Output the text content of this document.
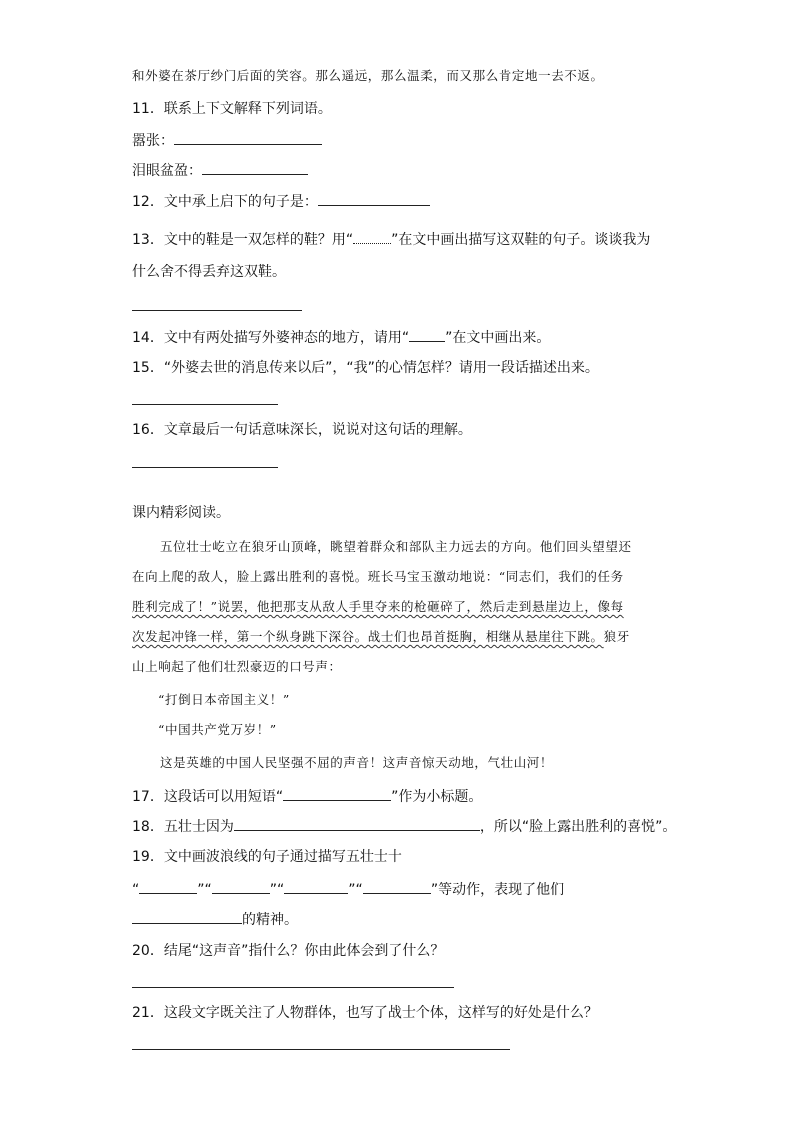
和外婆在茶厅纱门后面的笑容。那么遥远，那么温柔，而又那么肯定地一去不返。
11．联系上下文解释下列词语。
嚣张：
泪眼盆盈：
12．文中承上启下的句子是：
13．文中的鞋是一双怎样的鞋？用“	”在文中画出描写这双鞋的句子。谈谈我为
什么舍不得丢弃这双鞋。
14．文中有两处描写外婆神态的地方，请用“	”在文中画出来。
15．“外婆去世的消息传来以后”，“我”的心情怎样？请用一段话描述出来。
16．文章最后一句话意味深长，说说对这句话的理解。
课内精彩阅读。
五位壮士屹立在狼牙山顶峰，眺望着群众和部队主力远去的方向。他们回头望望还
在向上爬的敌人，脸上露出胜利的喜悦。班长马宝玉激动地说：“同志们，我们的任务
胜利完成了！”说罢，他把那支从敌人手里夺来的枪砸碎了，然后走到悬崖边上，像每
次发起冲锋一样，第一个纵身跳下深谷。战士们也昂首挺胸，相继从悬崖往下跳。狼牙
山上响起了他们壮烈豪迈的口号声：
“打倒日本帝国主义！”
“中国共产党万岁！”
这是英雄的中国人民坚强不屈的声音！这声音惊天动地，气壮山河！
17．这段话可以用短语“	”作为小标题。
18．五壮士因为	，所以“脸上露出胜利的喜悦”。
19．文中画波浪线的句子通过描写五壮士十
“	”“	”“	”“	”等动作，表现了他们
的精神。
20．结尾“这声音”指什么？你由此体会到了什么？
21．这段文字既关注了人物群体，也写了战士个体，这样写的好处是什么？
